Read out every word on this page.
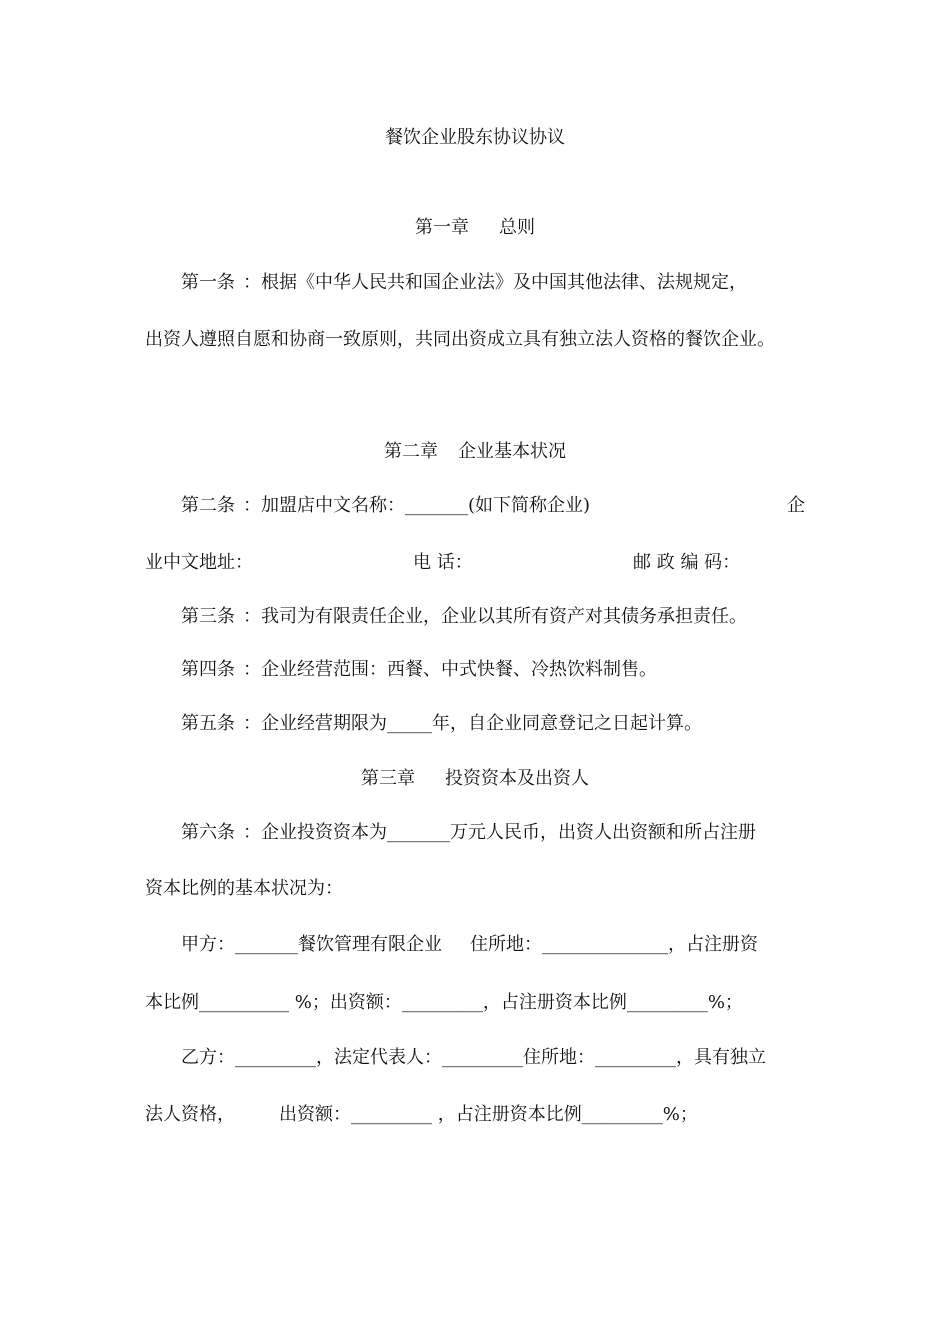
餐饮企业股东协议协议
第一章 总则
第一条 ：根据《中华人民共和国企业法》及中国其他法律、法规规定，
出资人遵照自愿和协商一致原则，共同出资成立具有独立法人资格的餐饮企业。
第二章 企业基本状况
第二条 ：加盟店中文名称：_______(如下简称企业)	企
业中文地址：	电 话：	邮 政 编 码：
第三条 ：我司为有限责任企业，企业以其所有资产对其债务承担责任。
第四条 ：企业经营范围：西餐、中式快餐、冷热饮料制售。
第五条 ：企业经营期限为_____年，自企业同意登记之日起计算。
第三章 投资资本及出资人
第六条 ：企业投资资本为_______万元人民币，出资人出资额和所占注册
资本比例的基本状况为：
甲方：_______餐饮管理有限企业 住所地：______________，占注册资
本比例__________ %；出资额：_________，占注册资本比例_________%；
乙方：_________，法定代表人：_________住所地：_________，具有独立
法人资格， 出资额：_________ ，占注册资本比例_________%；
